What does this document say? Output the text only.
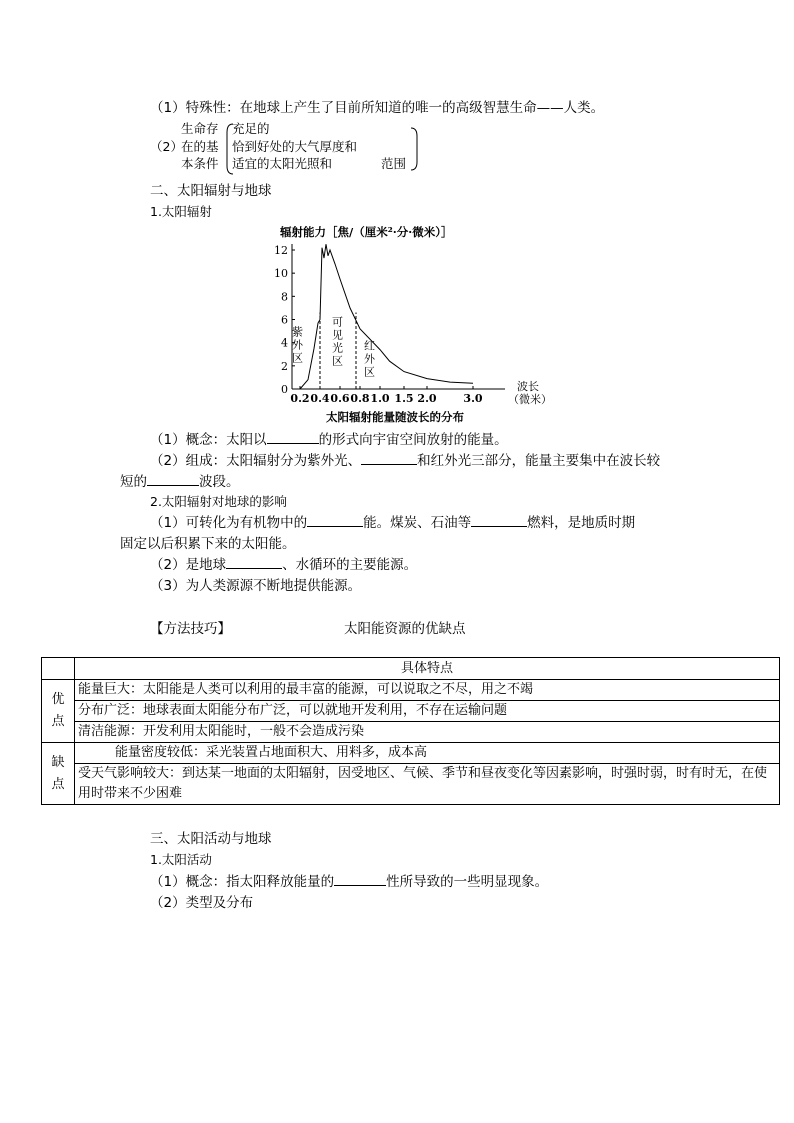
（1）特殊性：在地球上产生了目前所知道的唯一的高级智慧生命——人类。
（2）
生命存
在的基
本条件
充足的
恰到好处的大气厚度和
适宜的太阳光照和	范围
二、太阳辐射与地球
1.太阳辐射
辐射能力［焦/（厘米²·分·微米）］
0
2
4
6
8
10
12
0.2 0.4 0.6 0.8 1.0 1.5 2.0 3.0
紫
外
区
可
见
光
区
红
外
区
波长
（微米）
太阳辐射能量随波长的分布
（1）概念：太阳以	的形式向宇宙空间放射的能量。
（2）组成：太阳辐射分为紫外光、	和红外光三部分，能量主要集中在波长较
短的	波段。
2.太阳辐射对地球的影响
（1）可转化为有机物中的	能。煤炭、石油等	燃料，是地质时期
固定以后积累下来的太阳能。
（2）是地球	、水循环的主要能源。
（3）为人类源源不断地提供能源。
【方法技巧】	太阳能资源的优缺点
	具体特点
优
点	能量巨大：太阳能是人类可以利用的最丰富的能源，可以说取之不尽，用之不竭
	分布广泛：地球表面太阳能分布广泛，可以就地开发利用，不存在运输问题
	清洁能源：开发利用太阳能时，一般不会造成污染
缺
点	能量密度较低：采光装置占地面积大、用料多，成本高
	受天气影响较大：到达某一地面的太阳辐射，因受地区、气候、季节和昼夜变化等因素影响，时强时弱，时有时无，在使用时带来不少困难
三、太阳活动与地球
1.太阳活动
（1）概念：指太阳释放能量的	性所导致的一些明显现象。
（2）类型及分布
